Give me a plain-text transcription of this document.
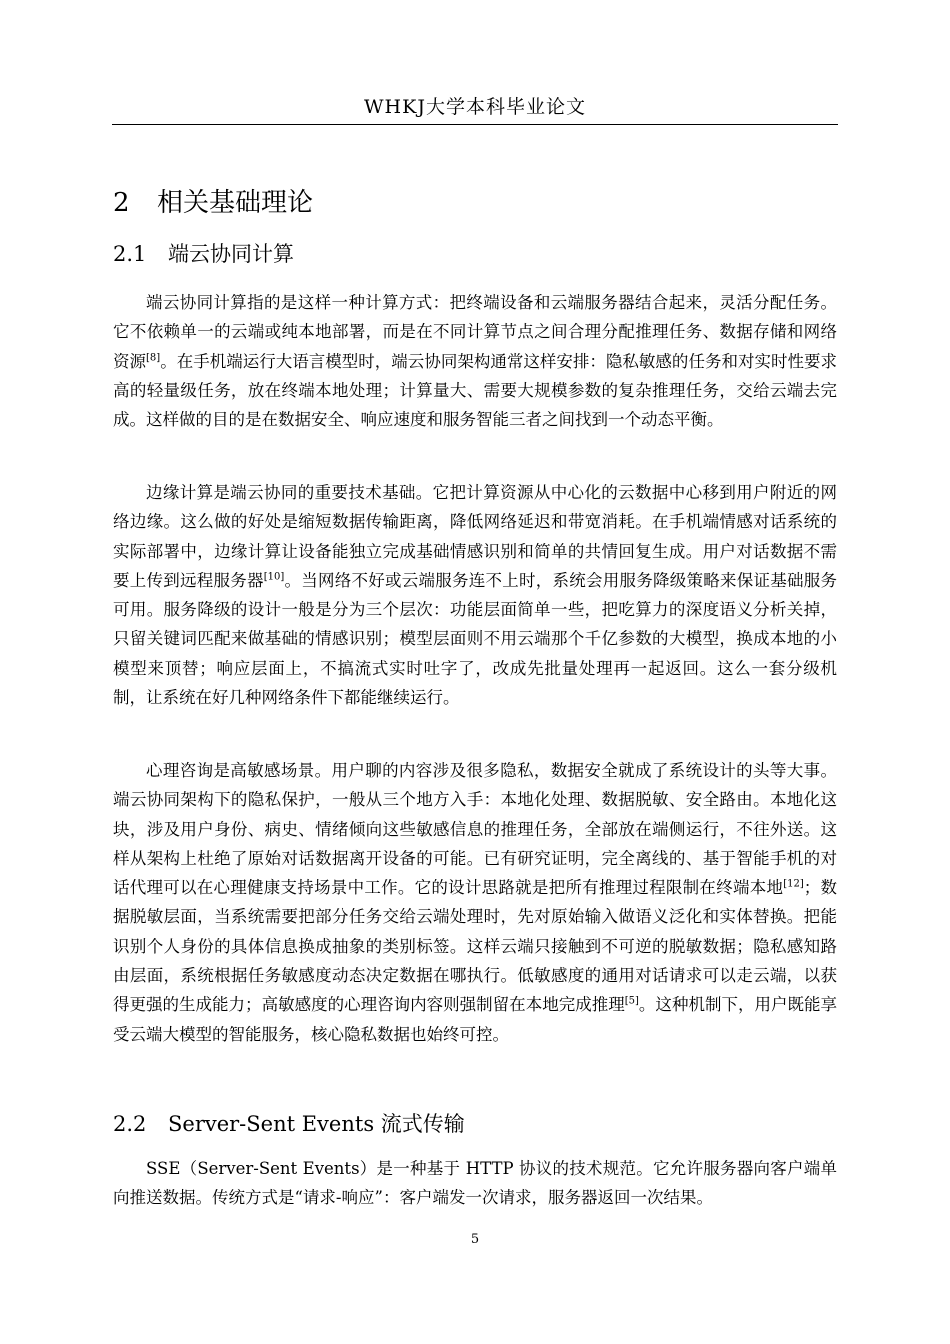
WHKJ大学本科毕业论文
2 相关基础理论
2.1 端云协同计算

端云协同计算指的是这样一种计算方式：把终端设备和云端服务器结合起来，灵活分配任务。它不依赖单一的云端或纯本地部署，而是在不同计算节点之间合理分配推理任务、数据存储和网络资源[8]。在手机端运行大语言模型时，端云协同架构通常这样安排：隐私敏感的任务和对实时性要求高的轻量级任务，放在终端本地处理；计算量大、需要大规模参数的复杂推理任务，交给云端去完成。这样做的目的是在数据安全、响应速度和服务智能三者之间找到一个动态平衡。

边缘计算是端云协同的重要技术基础。它把计算资源从中心化的云数据中心移到用户附近的网络边缘。这么做的好处是缩短数据传输距离，降低网络延迟和带宽消耗。在手机端情感对话系统的实际部署中，边缘计算让设备能独立完成基础情感识别和简单的共情回复生成。用户对话数据不需要上传到远程服务器[10]。当网络不好或云端服务连不上时，系统会用服务降级策略来保证基础服务可用。服务降级的设计一般是分为三个层次：功能层面简单一些，把吃算力的深度语义分析关掉，只留关键词匹配来做基础的情感识别；模型层面则不用云端那个千亿参数的大模型，换成本地的小模型来顶替；响应层面上，不搞流式实时吐字了，改成先批量处理再一起返回。这么一套分级机制，让系统在好几种网络条件下都能继续运行。

心理咨询是高敏感场景。用户聊的内容涉及很多隐私，数据安全就成了系统设计的头等大事。端云协同架构下的隐私保护，一般从三个地方入手：本地化处理、数据脱敏、安全路由。本地化这块，涉及用户身份、病史、情绪倾向这些敏感信息的推理任务，全部放在端侧运行，不往外送。这样从架构上杜绝了原始对话数据离开设备的可能。已有研究证明，完全离线的、基于智能手机的对话代理可以在心理健康支持场景中工作。它的设计思路就是把所有推理过程限制在终端本地[12]；数据脱敏层面，当系统需要把部分任务交给云端处理时，先对原始输入做语义泛化和实体替换。把能识别个人身份的具体信息换成抽象的类别标签。这样云端只接触到不可逆的脱敏数据；隐私感知路由层面，系统根据任务敏感度动态决定数据在哪执行。低敏感度的通用对话请求可以走云端，以获得更强的生成能力；高敏感度的心理咨询内容则强制留在本地完成推理[5]。这种机制下，用户既能享受云端大模型的智能服务，核心隐私数据也始终可控。

2.2 Server-Sent Events 流式传输

SSE（Server-Sent Events）是一种基于 HTTP 协议的技术规范。它允许服务器向客户端单向推送数据。传统方式是“请求-响应”：客户端发一次请求，服务器返回一次结果。

5
